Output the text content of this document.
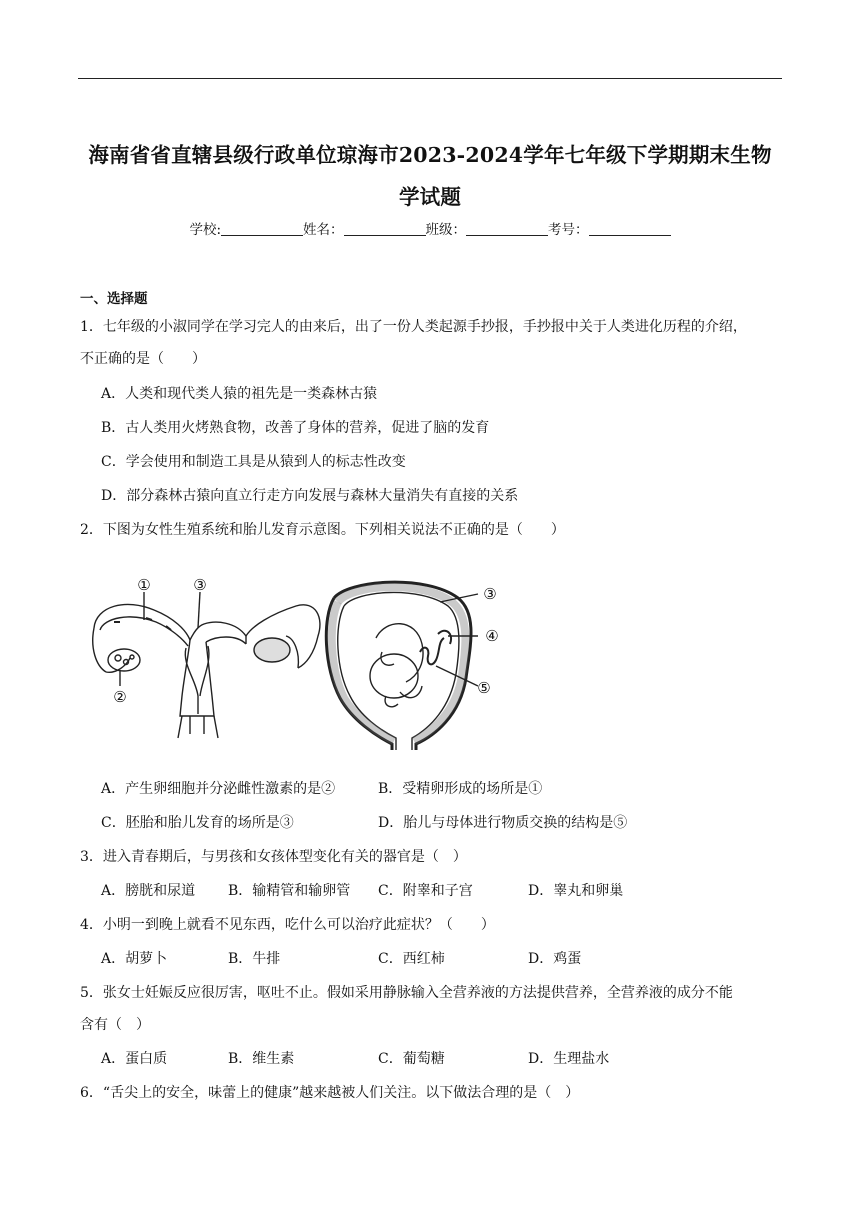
海南省省直辖县级行政单位琼海市2023-2024学年七年级下学期期末生物
学试题
学校:	姓名：	班级：	考号：
一、选择题
1．七年级的小淑同学在学习完人的由来后，出了一份人类起源手抄报，手抄报中关于人类进化历程的介绍，
不正确的是（　　）
A．人类和现代类人猿的祖先是一类森林古猿
B．古人类用火烤熟食物，改善了身体的营养，促进了脑的发育
C．学会使用和制造工具是从猿到人的标志性改变
D．部分森林古猿向直立行走方向发展与森林大量消失有直接的关系
2．下图为女性生殖系统和胎儿发育示意图。下列相关说法不正确的是（　　）
①	③
②
③
④
⑤
A．产生卵细胞并分泌雌性激素的是②	B．受精卵形成的场所是①
C．胚胎和胎儿发育的场所是③	D．胎儿与母体进行物质交换的结构是⑤
3．进入青春期后，与男孩和女孩体型变化有关的器官是（　）
A．膀胱和尿道 B．输精管和输卵管 C．附睾和子宫	D．睾丸和卵巢
4．小明一到晚上就看不见东西，吃什么可以治疗此症状？（　　）
A．胡萝卜	B．牛排	C．西红柿	D．鸡蛋
5．张女士妊娠反应很厉害，呕吐不止。假如采用静脉输入全营养液的方法提供营养，全营养液的成分不能
含有（　）
A．蛋白质	B．维生素	C．葡萄糖	D．生理盐水
6．“舌尖上的安全，味蕾上的健康”越来越被人们关注。以下做法合理的是（　）
